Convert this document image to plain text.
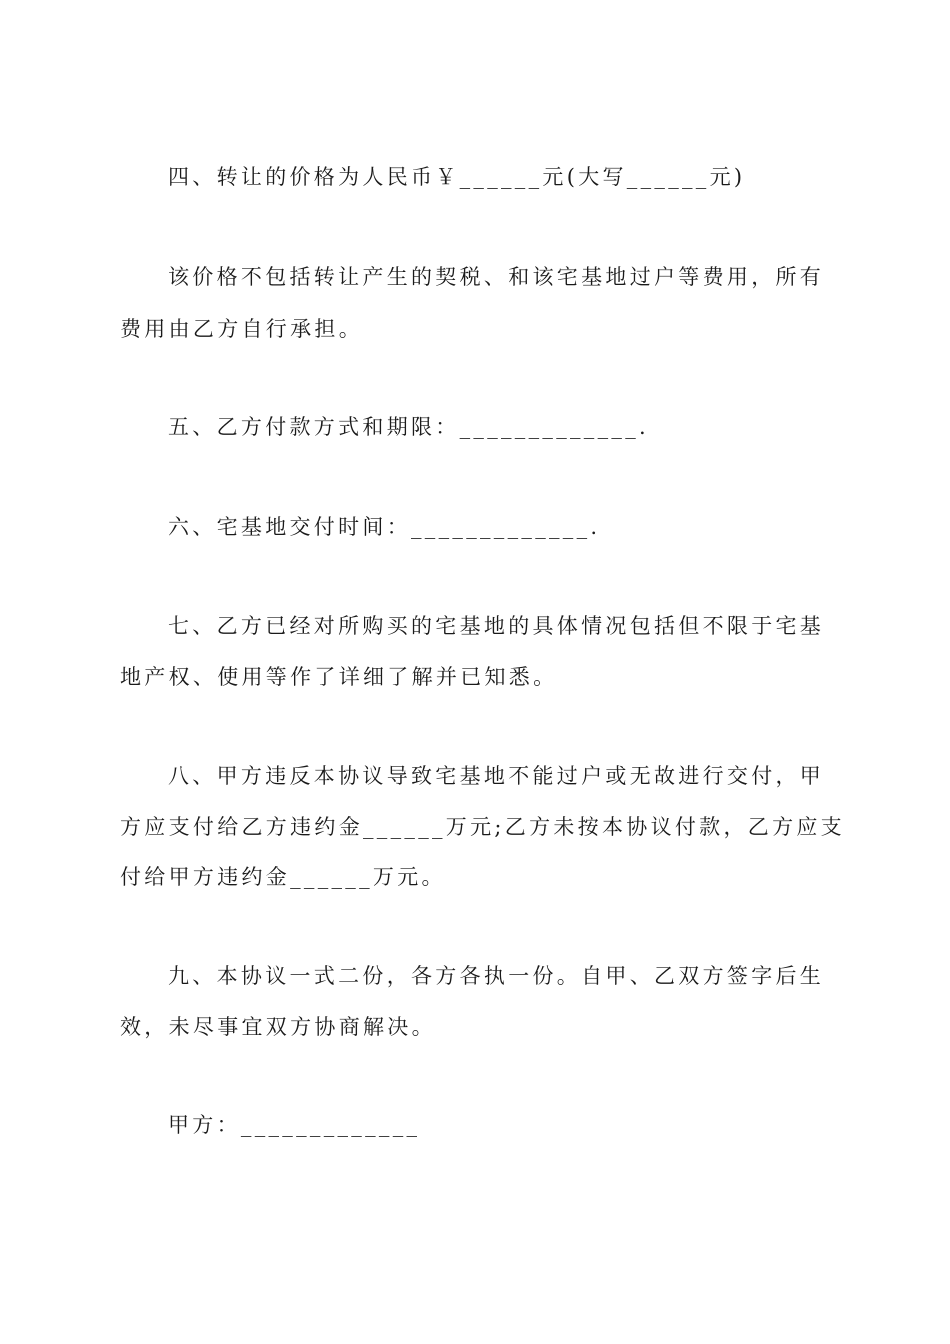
四、转让的价格为人民币￥______元(大写______元)
该价格不包括转让产生的契税、和该宅基地过户等费用，所有
费用由乙方自行承担。
五、乙方付款方式和期限：_____________.
六、宅基地交付时间：_____________.
七、乙方已经对所购买的宅基地的具体情况包括但不限于宅基
地产权、使用等作了详细了解并已知悉。
八、甲方违反本协议导致宅基地不能过户或无故进行交付，甲
方应支付给乙方违约金______万元;乙方未按本协议付款，乙方应支
付给甲方违约金______万元。
九、本协议一式二份，各方各执一份。自甲、乙双方签字后生
效，未尽事宜双方协商解决。
甲方：_____________
